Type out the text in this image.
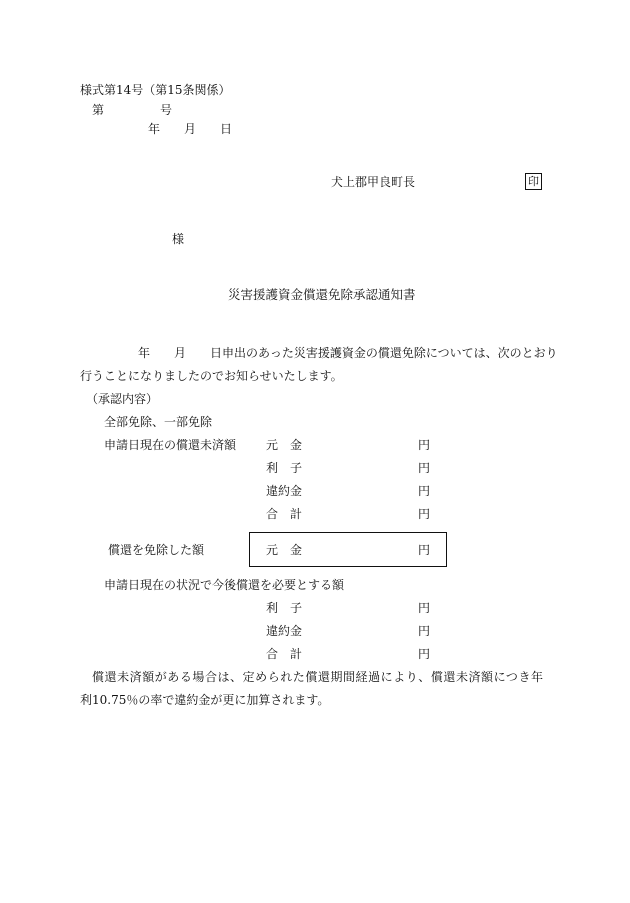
様式第14号（第15条関係）
第	号
年 月 日
犬上郡甲良町長	印
様
災害援護資金償還免除承認通知書
年 月 日申出のあった災害援護資金の償還免除については、次のとおり
行うことになりましたのでお知らせいたします。
（承認内容）
全部免除、一部免除
申請日現在の償還未済額 元　金	円
利　子	円
違約金	円
合　計	円
償還を免除した額	元　金	円
申請日現在の状況で今後償還を必要とする額
利　子	円
違約金	円
合　計	円
償還未済額がある場合は、定められた償還期間経過により、償還未済額につき年
利10.75％の率で違約金が更に加算されます。
